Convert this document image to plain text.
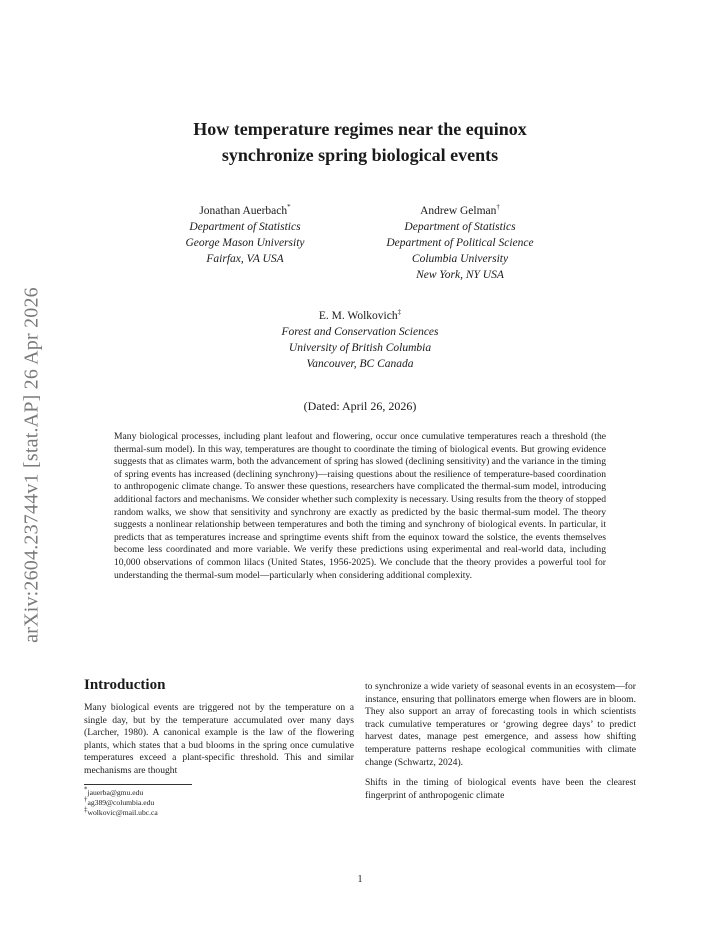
arXiv:2604.23744v1 [stat.AP] 26 Apr 2026
How temperature regimes near the equinox
synchronize spring biological events
Jonathan Auerbach*
Department of Statistics
George Mason University
Fairfax, VA USA
Andrew Gelman†
Department of Statistics
Department of Political Science
Columbia University
New York, NY USA
E. M. Wolkovich‡
Forest and Conservation Sciences
University of British Columbia
Vancouver, BC Canada
(Dated: April 26, 2026)

Many biological processes, including plant leafout and flowering, occur once cumulative temperatures reach a threshold (the thermal-sum model). In this way, temperatures are thought to coordinate the timing of biological events. But growing evidence suggests that as climates warm, both the advancement of spring has slowed (declining sensitivity) and the variance in the timing of spring events has increased (declining synchrony)—raising questions about the resilience of temperature-based coordination to anthropogenic climate change. To answer these questions, researchers have complicated the thermal-sum model, introducing additional factors and mechanisms. We consider whether such complexity is necessary. Using results from the theory of stopped random walks, we show that sensitivity and synchrony are exactly as predicted by the basic thermal-sum model. The theory suggests a nonlinear relationship between temperatures and both the timing and synchrony of biological events. In particular, it predicts that as temperatures increase and springtime events shift from the equinox toward the solstice, the events themselves become less coordinated and more variable. We verify these predictions using experimental and real-world data, including 10,000 observations of common lilacs (United States, 1956-2025). We conclude that the theory provides a powerful tool for understanding the thermal-sum model—particularly when considering additional complexity.

Introduction

Many biological events are triggered not by the temperature on a single day, but by the temperature accumulated over many days (Larcher, 1980). A canonical example is the law of the flowering plants, which states that a bud blooms in the spring once cumulative temperatures exceed a plant-specific threshold. This and similar mechanisms are thought

*jauerba@gmu.edu
†ag389@columbia.edu
‡wolkovic@mail.ubc.ca

to synchronize a wide variety of seasonal events in an ecosystem—for instance, ensuring that pollinators emerge when flowers are in bloom. They also support an array of forecasting tools in which scientists track cumulative temperatures or ‘growing degree days’ to predict harvest dates, manage pest emergence, and assess how shifting temperature patterns reshape ecological communities with climate change (Schwartz, 2024).

Shifts in the timing of biological events have been the clearest fingerprint of anthropogenic climate

1
